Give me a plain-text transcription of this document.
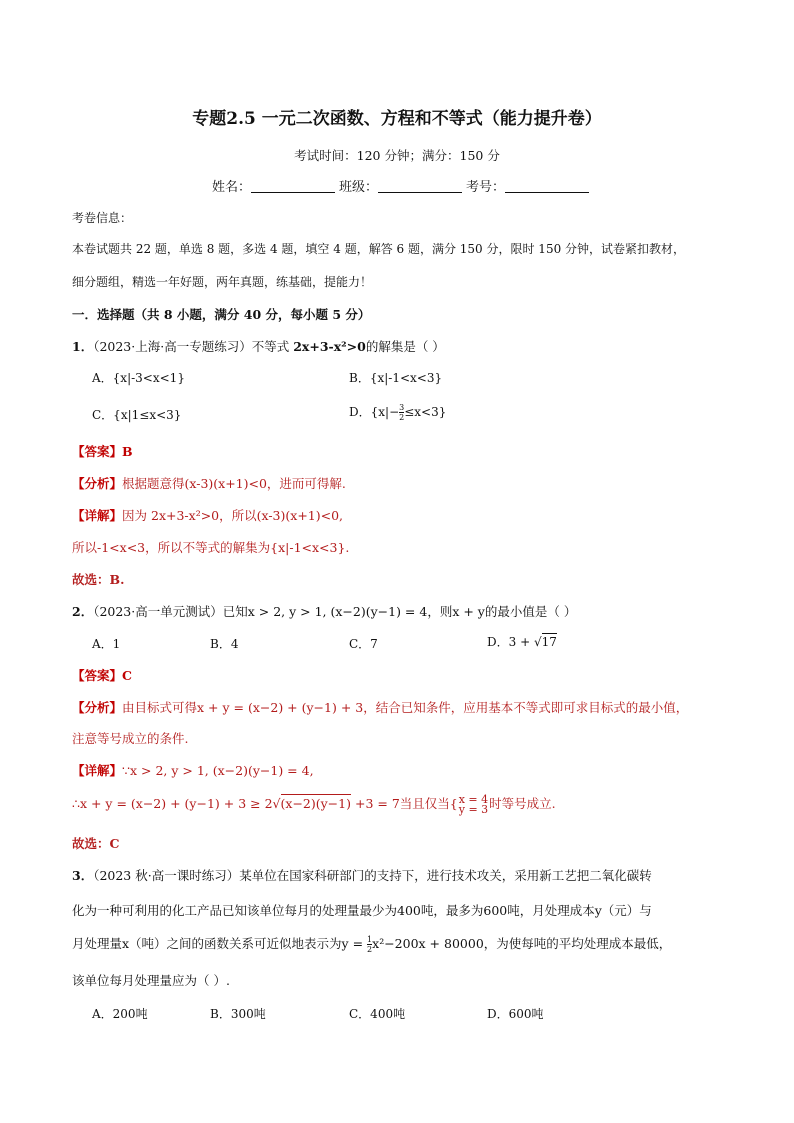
专题2.5 一元二次函数、方程和不等式（能力提升卷）
考试时间：120 分钟；满分：150 分
姓名：	班级：	考号：
考卷信息：
本卷试题共 22 题，单选 8 题，多选 4 题，填空 4 题，解答 6 题，满分 150 分，限时 150 分钟，试卷紧扣教材，
细分题组，精选一年好题，两年真题，练基础，提能力！
一．选择题（共 8 小题，满分 40 分，每小题 5 分）
1．（2023·上海·高一专题练习）不等式 2x+3-x²>0的解集是（ ）
A．{x|-3<x<1}	B．{x|-1<x<3}
C．{x|1≤x<3}	D．$\{x|- \frac{3}{2} \le x<3\}$
【答案】B
【分析】根据题意得(x-3)(x+1)<0，进而可得解.
【详解】因为 2x+3-x²>0，所以(x-3)(x+1)<0,
所以-1<x<3，所以不等式的解集为{x|-1<x<3}.
故选：B.
2．（2023·高一单元测试）已知x > 2, y > 1, (x−2)(y−1) = 4，则x + y的最小值是（ ）
A．1	B．4	C．7	D．3 + √17
【答案】C
【分析】由目标式可得x + y = (x−2) + (y−1) + 3，结合已知条件，应用基本不等式即可求目标式的最小值，
注意等号成立的条件.
【详解】∵x > 2, y > 1, (x−2)(y−1) = 4,
∴x + y = (x−2) + (y−1) + 3 ≥ 2√(x−2)(y−1) +3 = 7当且仅当{ x = 4
y = 3 时等号成立.
故选：C
3．（2023 秋·高一课时练习）某单位在国家科研部门的支持下，进行技术攻关，采用新工艺把二氧化碳转
化为一种可利用的化工产品已知该单位每月的处理量最少为400吨，最多为600吨，月处理成本y（元）与
月处理量x（吨）之间的函数关系可近似地表示为$y = \frac{1}{2} x^2-200x + 80000$，为使每吨的平均处理成本最低，
该单位每月处理量应为（ ）.
A．200吨	B．300吨	C．400吨	D．600吨
